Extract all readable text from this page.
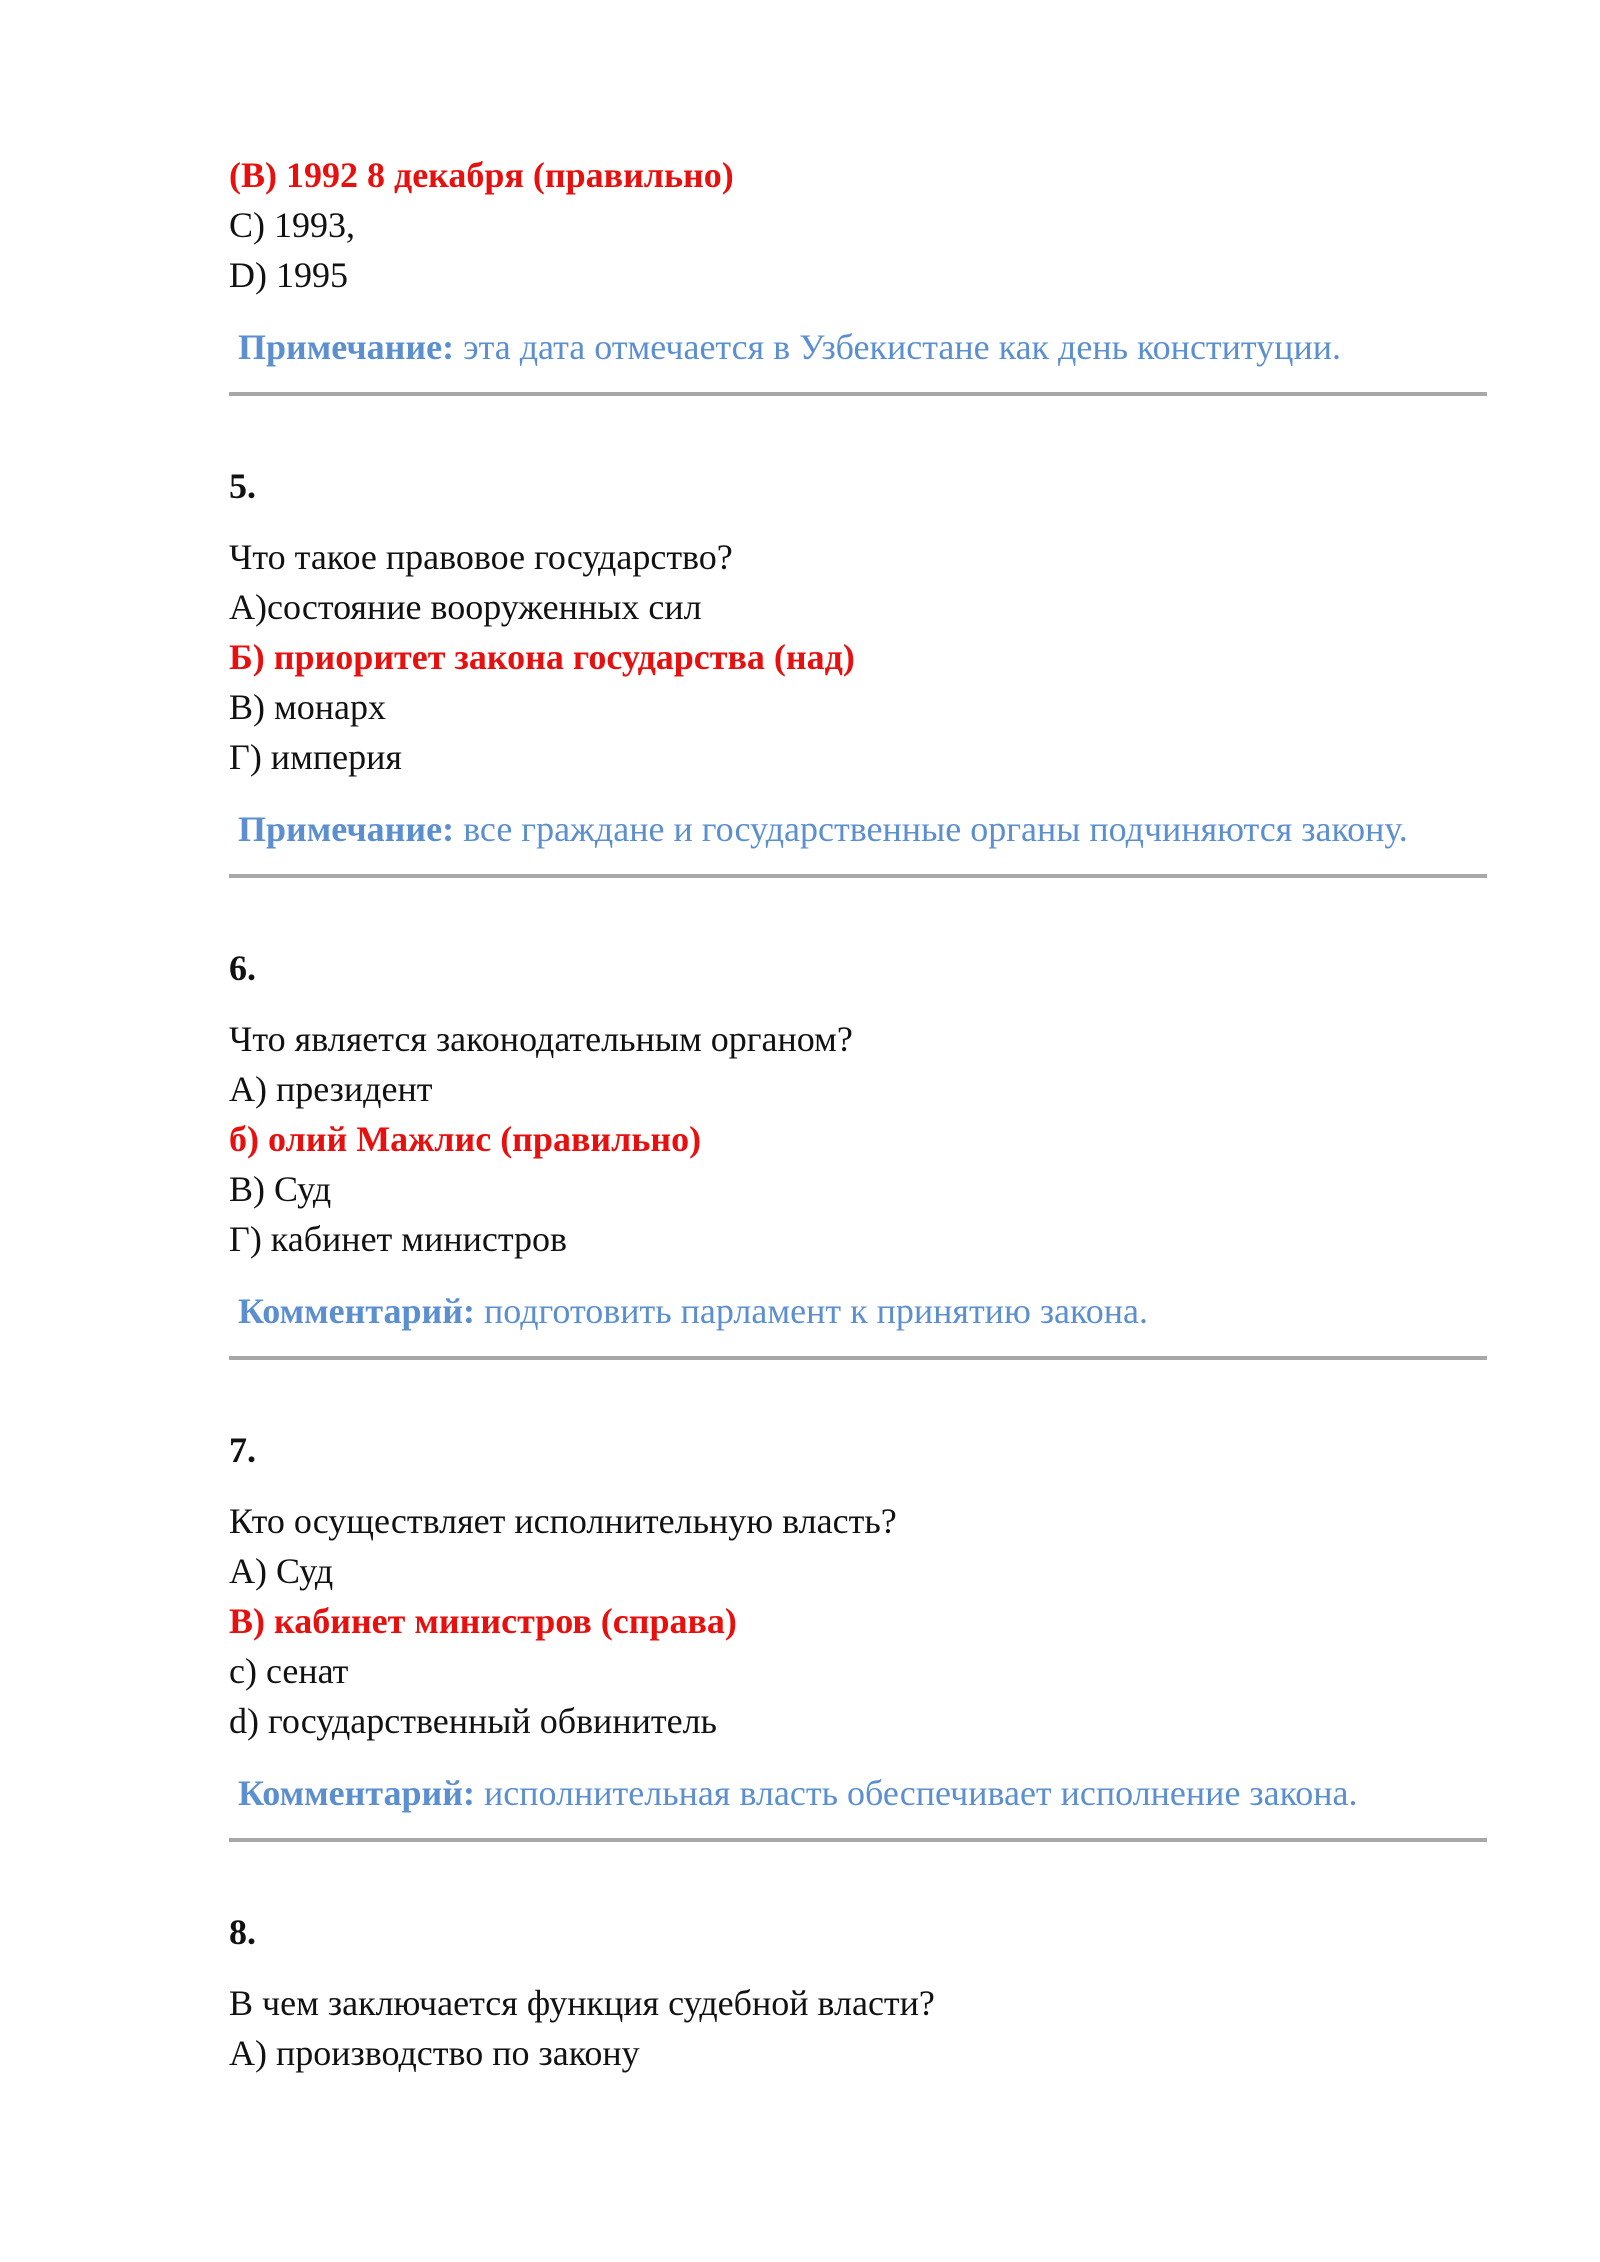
(В) 1992 8 декабря (правильно)
C) 1993,
D) 1995
Примечание: эта дата отмечается в Узбекистане как день конституции.
5.
Что такое правовое государство?
А)состояние вооруженных сил
Б) приоритет закона государства (над)
В) монарх
Г) империя
Примечание: все граждане и государственные органы подчиняются закону.
6.
Что является законодательным органом?
А) президент
б) олий Мажлис (правильно)
В) Суд
Г) кабинет министров
Комментарий: подготовить парламент к принятию закона.
7.
Кто осуществляет исполнительную власть?
А) Суд
В) кабинет министров (справа)
с) сенат
d) государственный обвинитель
Комментарий: исполнительная власть обеспечивает исполнение закона.
8.
В чем заключается функция судебной власти?
А) производство по закону
